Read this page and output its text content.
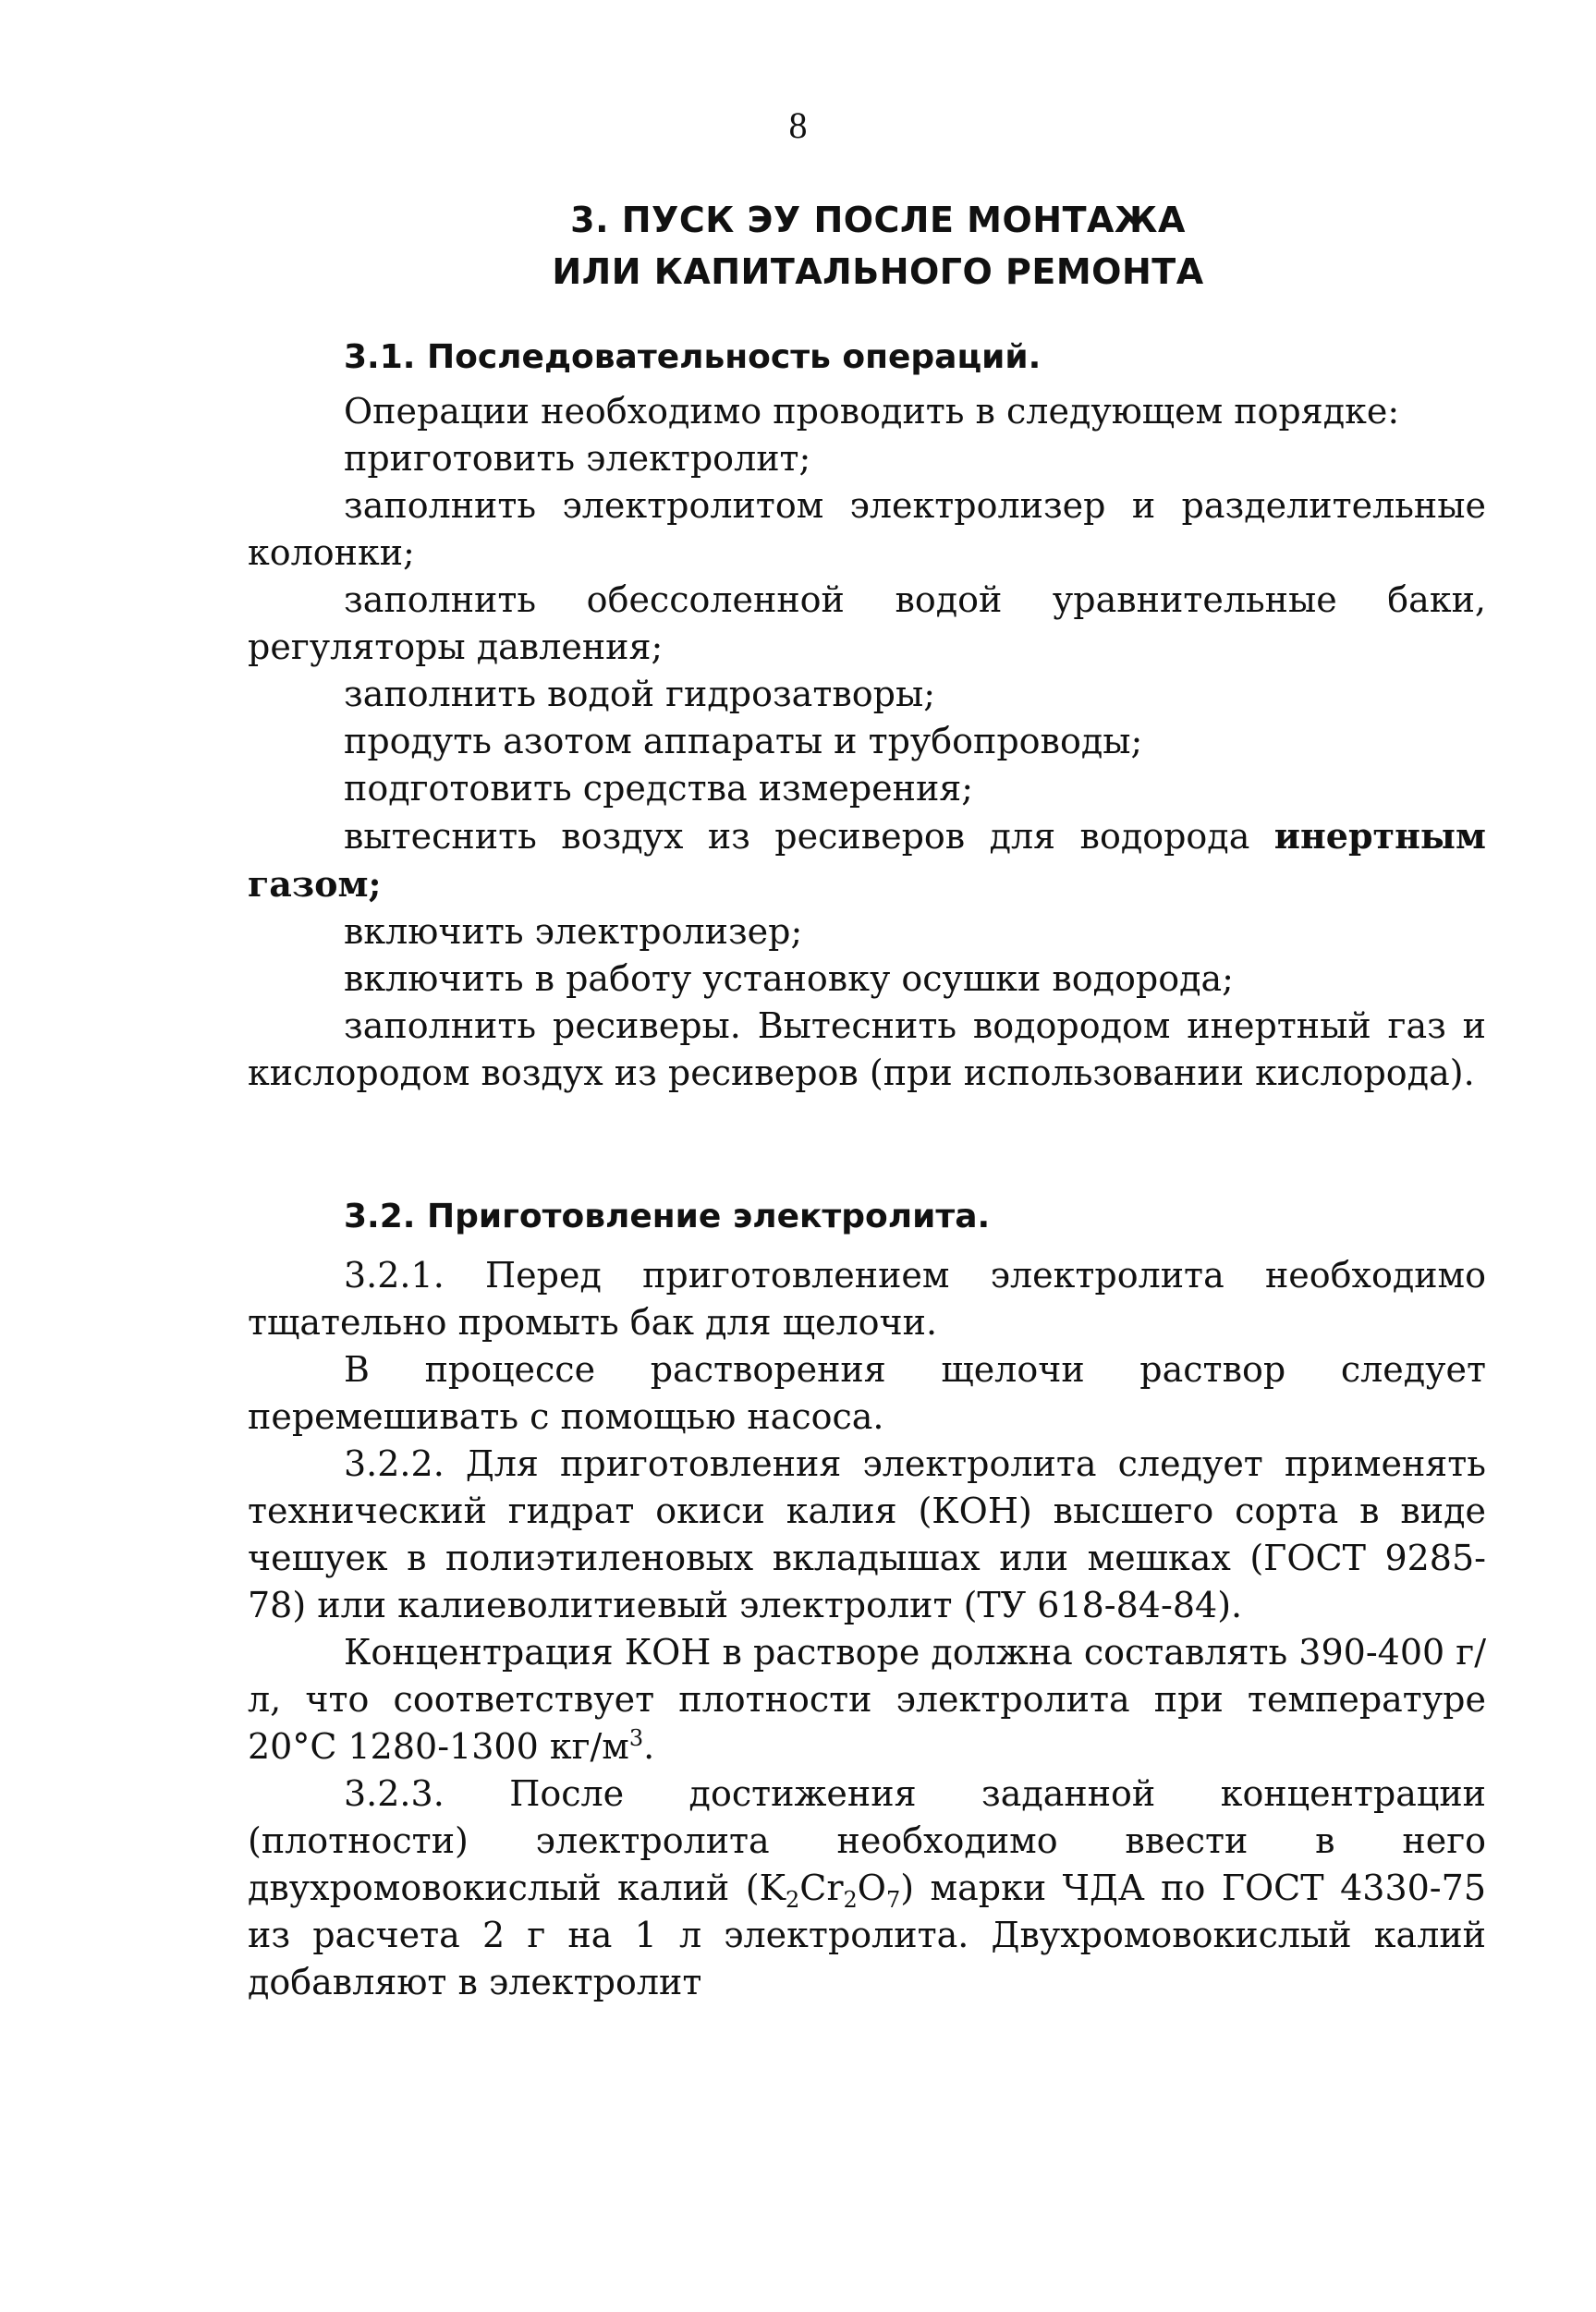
8
3. ПУСК ЭУ ПОСЛЕ МОНТАЖА
ИЛИ КАПИТАЛЬНОГО РЕМОНТА
3.1. Последовательность операций.

Операции необходимо проводить в следующем порядке:

приготовить электролит;

заполнить электролитом электролизер и разделительные колонки;

заполнить обессоленной водой уравнительные баки, регуляторы давления;

заполнить водой гидрозатворы;

продуть азотом аппараты и трубопроводы;

подготовить средства измерения;

вытеснить воздух из ресиверов для водорода инертным газом;

включить электролизер;

включить в работу установку осушки водорода;

заполнить ресиверы. Вытеснить водородом инертный газ и кислородом воздух из ресиверов (при использовании кислорода).

3.2. Приготовление электролита.

3.2.1. Перед приготовлением электролита необходимо тщательно промыть бак для щелочи.

В процессе растворения щелочи раствор следует перемешивать с помощью насоса.

3.2.2. Для приготовления электролита следует применять технический гидрат окиси калия (КОН) высшего сорта в виде чешуек в полиэтиленовых вкладышах или мешках (ГОСТ 9285-78) или калиеволитиевый электролит (ТУ 618-84-84).

Концентрация КОН в растворе должна составлять 390-400 г/л, что соответствует плотности электролита при температуре 20°С 1280-1300 $кг/м^3$.

3.2.3. После достижения заданной концентрации (плотности) электролита необходимо ввести в него двухромовокислый калий $(K_2Cr_2O_7)$ марки ЧДА по ГОСТ 4330-75 из расчета 2 г на 1 л электролита. Двухромовокислый калий добавляют в электролит
